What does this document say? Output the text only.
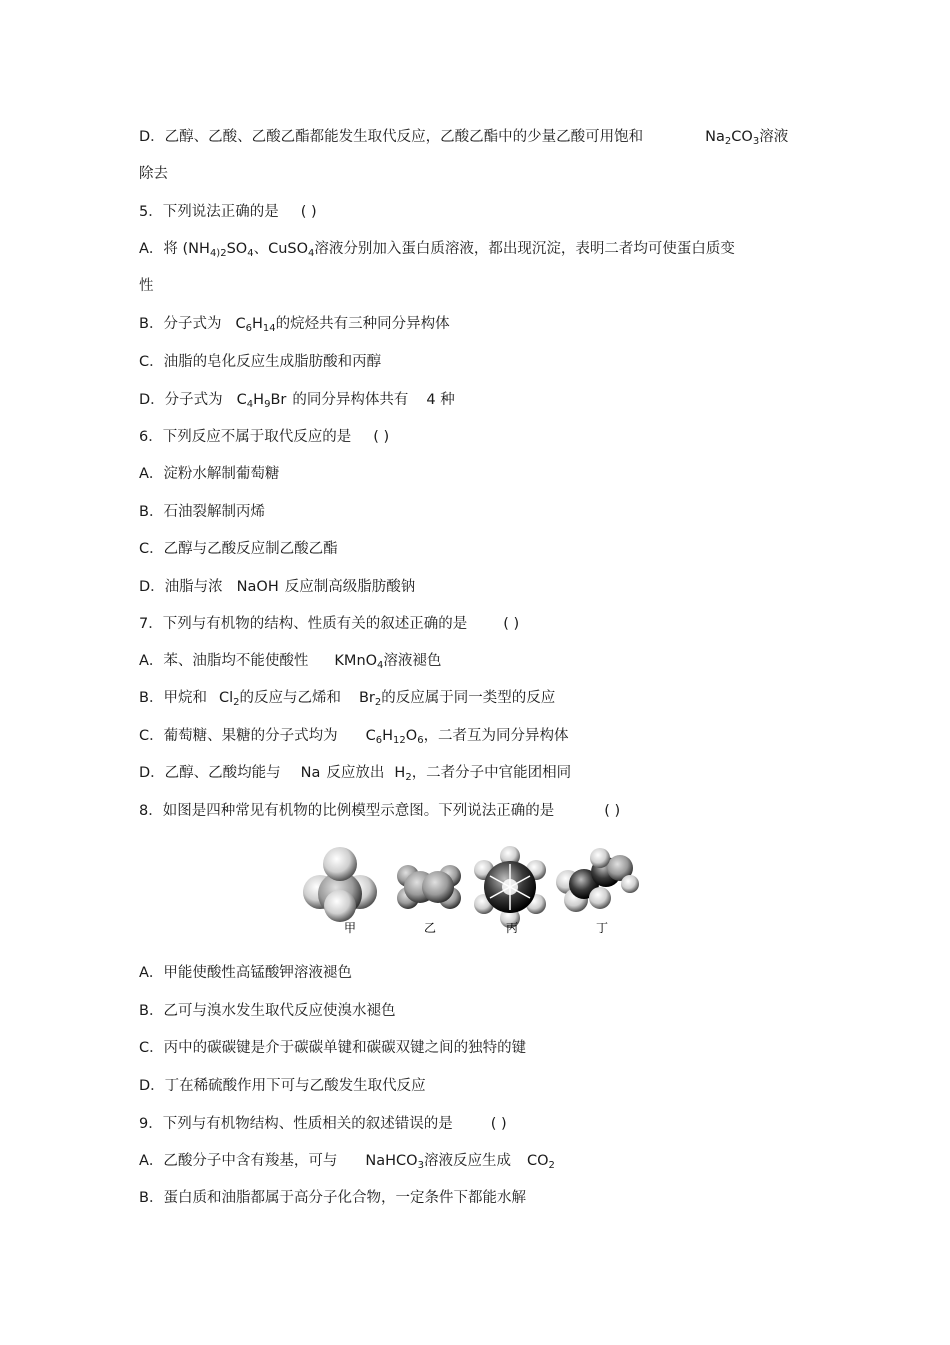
D．乙醇、乙酸、乙酸乙酯都能发生取代反应，乙酸乙酯中的少量乙酸可用饱和	$Na_2CO_3$溶液
除去
5．下列说法正确的是 ( )
A．将 ($NH_{4)2}SO_4$、CuSO$_4$溶液分别加入蛋白质溶液，都出现沉淀，表明二者均可使蛋白质变
性
B．分子式为 $C_6H_{14}$的烷烃共有三种同分异构体
C．油脂的皂化反应生成脂肪酸和丙醇
D．分子式为 $C_4H_9Br$ 的同分异构体共有 4 种
6．下列反应不属于取代反应的是 ( )
A．淀粉水解制葡萄糖
B．石油裂解制丙烯
C．乙醇与乙酸反应制乙酸乙酯
D．油脂与浓 NaOH 反应制高级脂肪酸钠
7．下列与有机物的结构、性质有关的叙述正确的是 ( )
A．苯、油脂均不能使酸性 KMnO$_4$溶液褪色
B．甲烷和 $Cl_2$的反应与乙烯和 $Br_2$的反应属于同一类型的反应
C．葡萄糖、果糖的分子式均为 $C_6H_{12}O_6$，二者互为同分异构体
D．乙醇、乙酸均能与 Na 反应放出 $H_2$，二者分子中官能团相同
8．如图是四种常见有机物的比例模型示意图。下列说法正确的是	( )
甲	乙	丙	丁
A．甲能使酸性高锰酸钾溶液褪色
B．乙可与溴水发生取代反应使溴水褪色
C．丙中的碳碳键是介于碳碳单键和碳碳双键之间的独特的键
D．丁在稀硫酸作用下可与乙酸发生取代反应
9．下列与有机物结构、性质相关的叙述错误的是	( )
A．乙酸分子中含有羧基，可与 NaHCO$_3$溶液反应生成 $CO_2$
B．蛋白质和油脂都属于高分子化合物，一定条件下都能水解
